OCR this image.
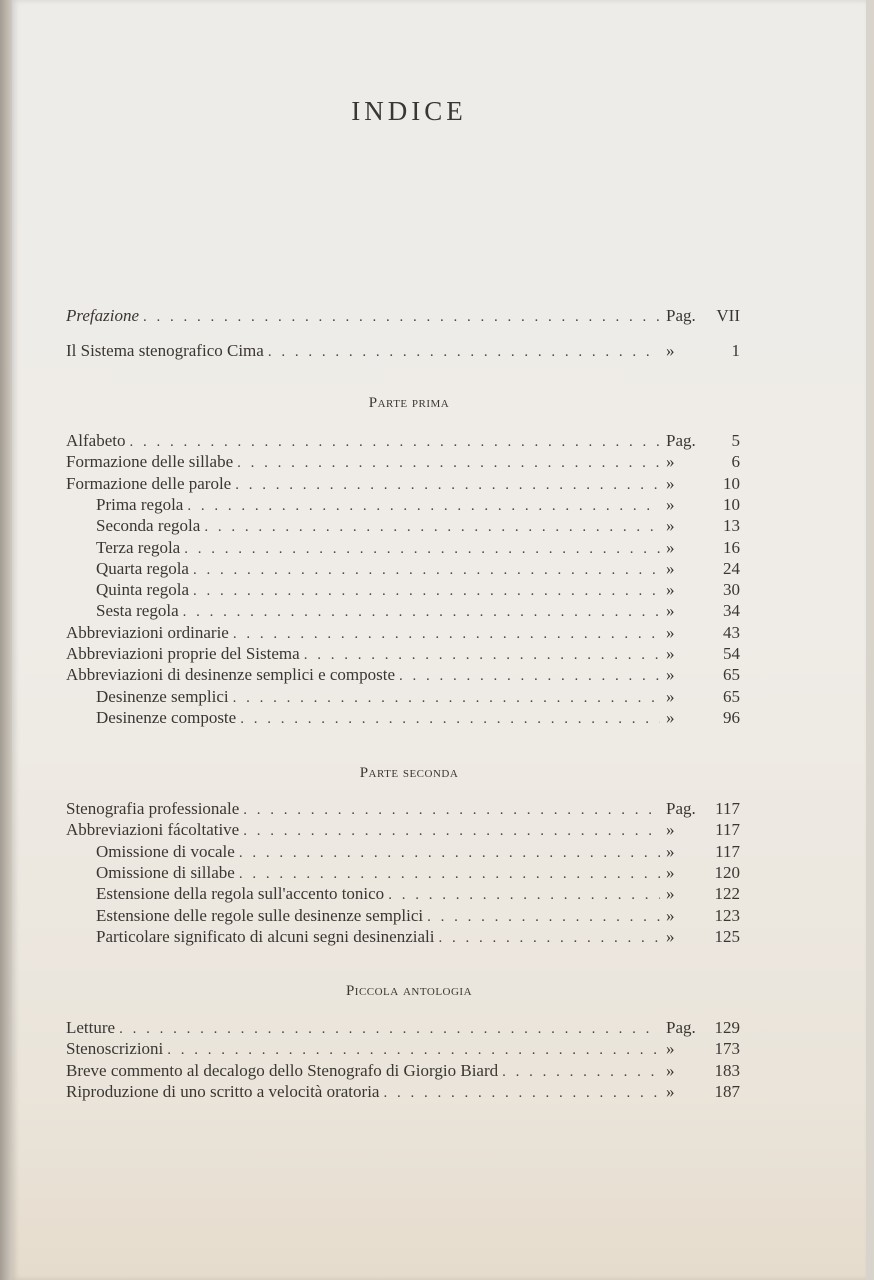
INDICE
Prefazione . . .	Pag.	VII
Il Sistema stenografico Cima . . .	»	1
Parte prima
Alfabeto . . .	Pag.	5
Formazione delle sillabe . . .	»	6
Formazione delle parole . . .	»	10
Prima regola . . .	»	10
Seconda regola . . .	»	13
Terza regola . . .	»	16
Quarta regola . . .	»	24
Quinta regola . . .	»	30
Sesta regola . . .	»	34
Abbreviazioni ordinarie . . .	»	43
Abbreviazioni proprie del Sistema . . .	»	54
Abbreviazioni di desinenze semplici e composte . . .	»	65
Desinenze semplici . . .	»	65
Desinenze composte . . .	»	96
Parte seconda
Stenografia professionale . . .	Pag.	117
Abbreviazioni fácoltative . . .	»	117
Omissione di vocale . . .	»	117
Omissione di sillabe . . .	»	120
Estensione della regola sull'accento tonico . . .	»	122
Estensione delle regole sulle desinenze semplici . . .	»	123
Particolare significato di alcuni segni desinenziali . . .	»	125
Piccola antologia
Letture . . .	Pag.	129
Stenoscrizioni . . .	»	173
Breve commento al decalogo dello Stenografo di Giorgio Biard . . .	»	183
Riproduzione di uno scritto a velocità oratoria . . .	»	187
